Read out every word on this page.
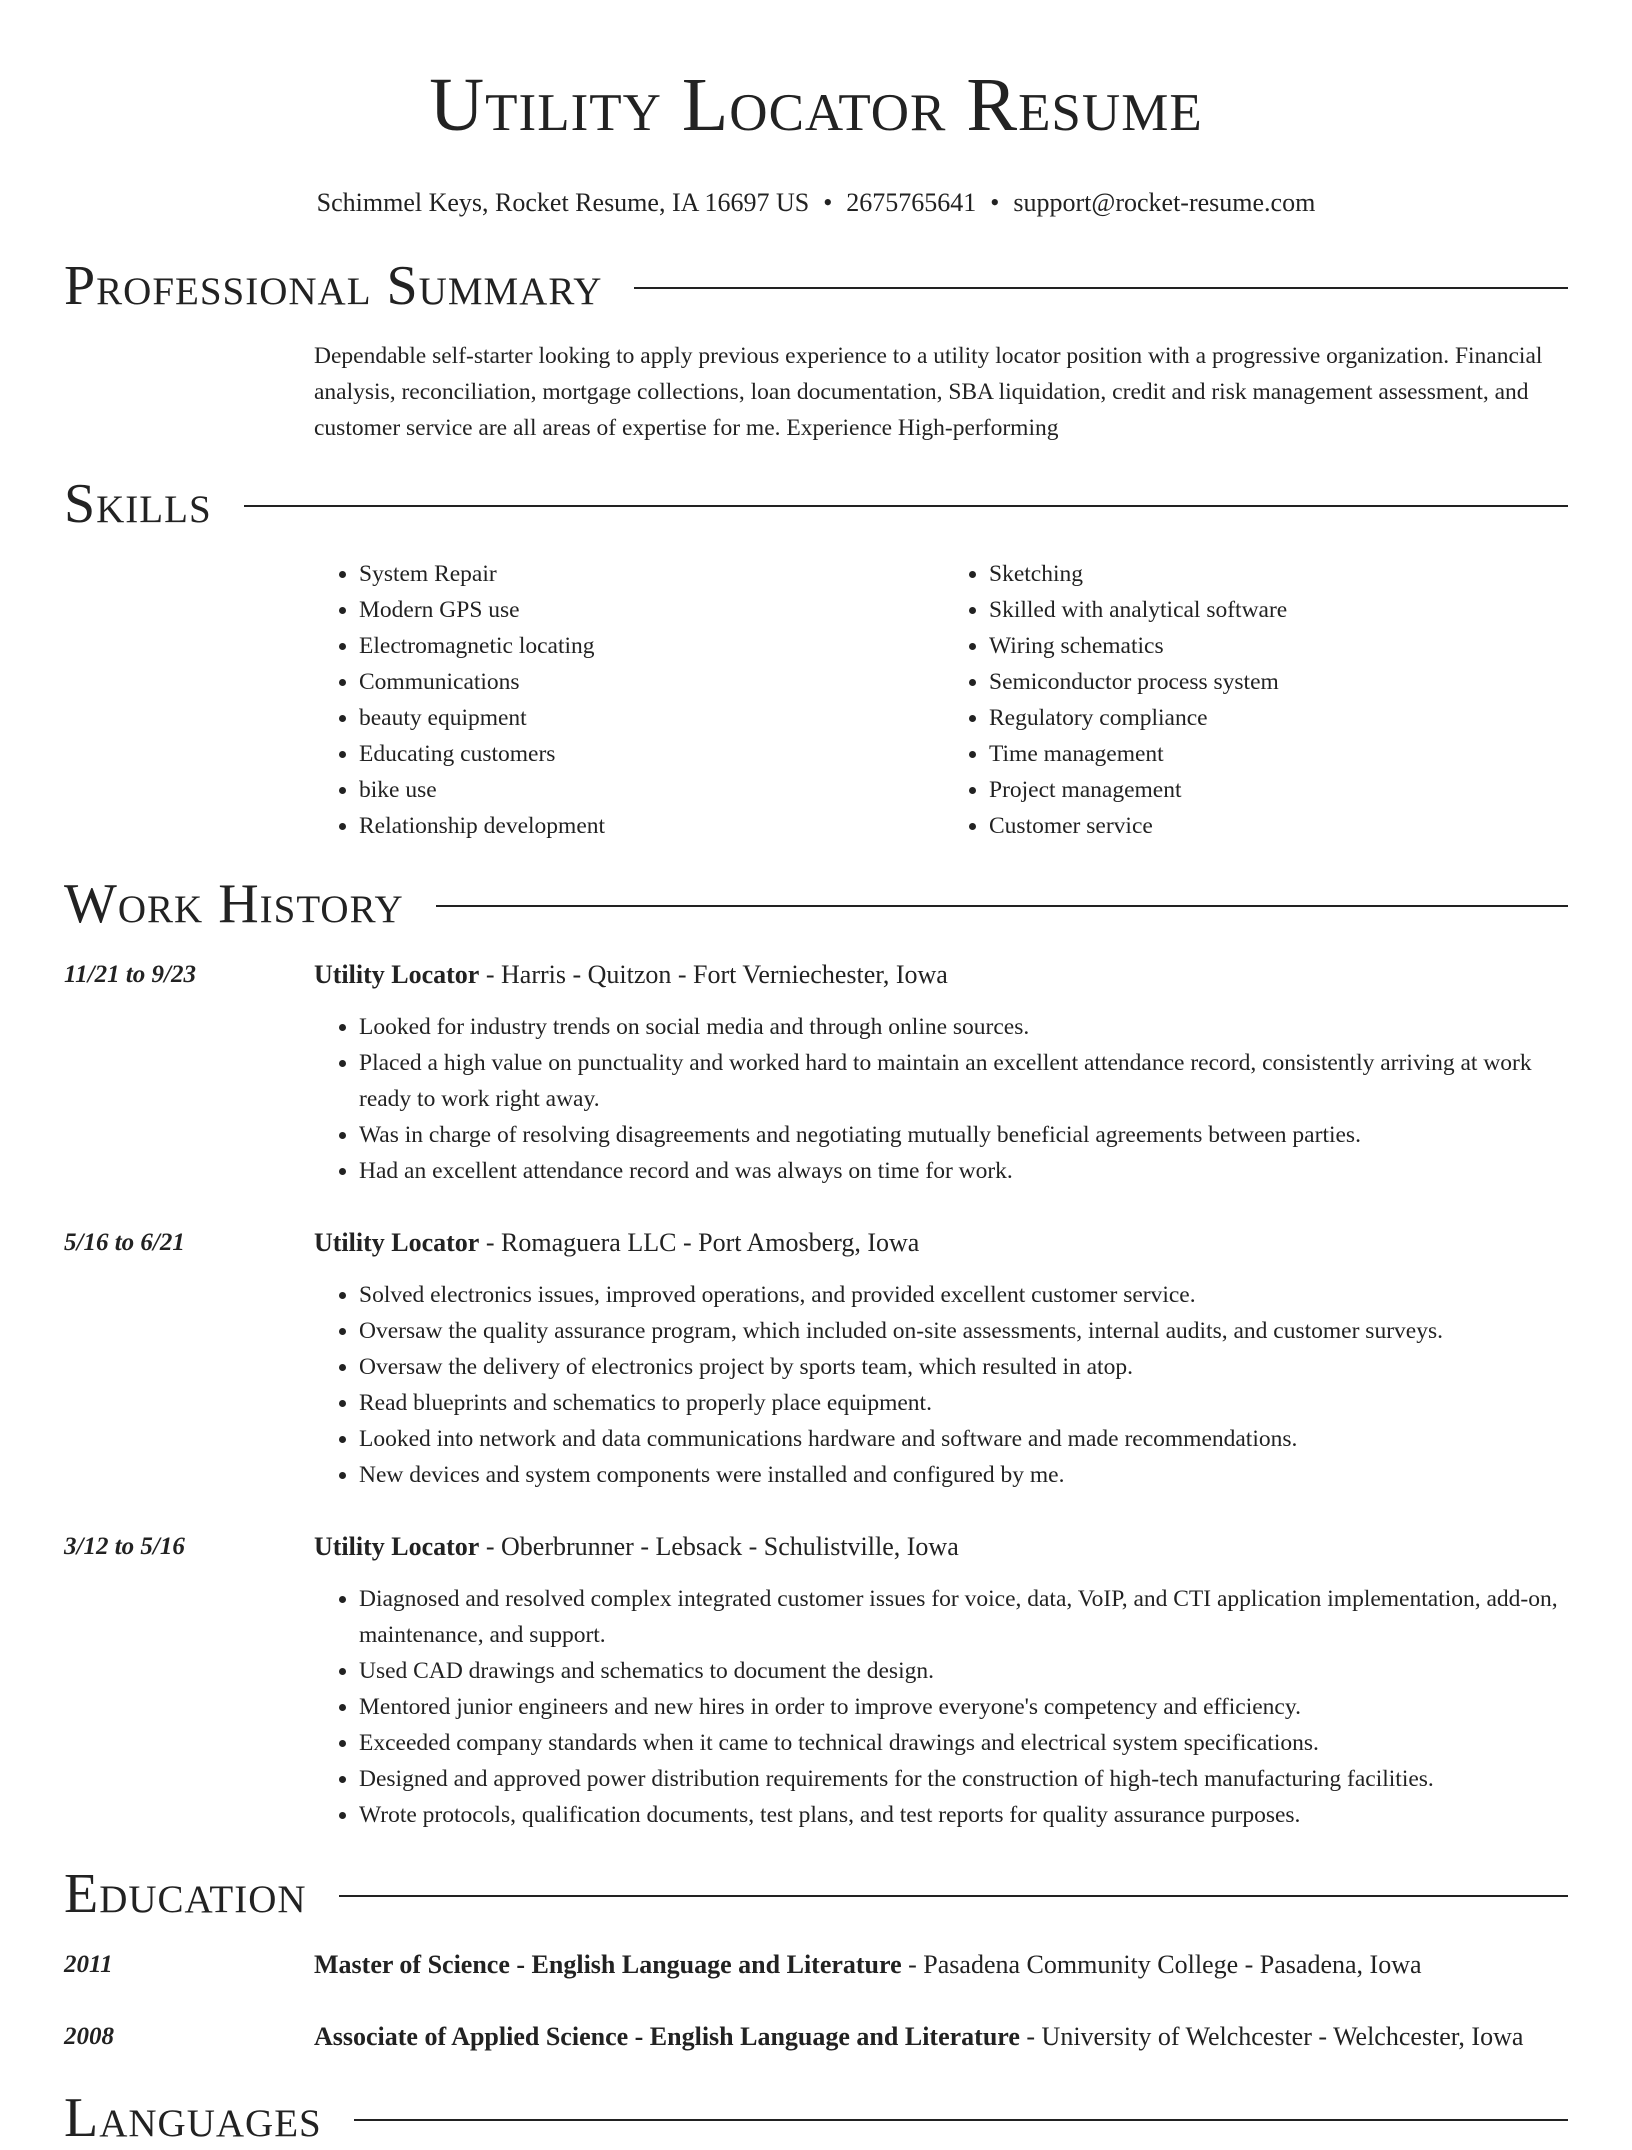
Utility Locator Resume
Schimmel Keys, Rocket Resume, IA 16697 US • 2675765641 • support@rocket-resume.com
Professional Summary

Dependable self-starter looking to apply previous experience to a utility locator position with a progressive organization. Financial analysis, reconciliation, mortgage collections, loan documentation, SBA liquidation, credit and risk management assessment, and customer service are all areas of expertise for me. Experience High-performing

Skills
• System Repair
• Modern GPS use
• Electromagnetic locating
• Communications
• beauty equipment
• Educating customers
• bike use
• Relationship development
• Sketching
• Skilled with analytical software
• Wiring schematics
• Semiconductor process system
• Regulatory compliance
• Time management
• Project management
• Customer service
Work History
11/21 to 9/23	Utility Locator - Harris - Quitzon - Fort Verniechester, Iowa
• Looked for industry trends on social media and through online sources.
• Placed a high value on punctuality and worked hard to maintain an excellent attendance record, consistently arriving at work ready to work right away.
• Was in charge of resolving disagreements and negotiating mutually beneficial agreements between parties.
• Had an excellent attendance record and was always on time for work.
5/16 to 6/21	Utility Locator - Romaguera LLC - Port Amosberg, Iowa
• Solved electronics issues, improved operations, and provided excellent customer service.
• Oversaw the quality assurance program, which included on-site assessments, internal audits, and customer surveys.
• Oversaw the delivery of electronics project by sports team, which resulted in atop.
• Read blueprints and schematics to properly place equipment.
• Looked into network and data communications hardware and software and made recommendations.
• New devices and system components were installed and configured by me.
3/12 to 5/16	Utility Locator - Oberbrunner - Lebsack - Schulistville, Iowa
• Diagnosed and resolved complex integrated customer issues for voice, data, VoIP, and CTI application implementation, add-on, maintenance, and support.
• Used CAD drawings and schematics to document the design.
• Mentored junior engineers and new hires in order to improve everyone's competency and efficiency.
• Exceeded company standards when it came to technical drawings and electrical system specifications.
• Designed and approved power distribution requirements for the construction of high-tech manufacturing facilities.
• Wrote protocols, qualification documents, test plans, and test reports for quality assurance purposes.
Education
2011	Master of Science - English Language and Literature - Pasadena Community College - Pasadena, Iowa
2008	Associate of Applied Science - English Language and Literature - University of Welchcester - Welchcester, Iowa
Languages
